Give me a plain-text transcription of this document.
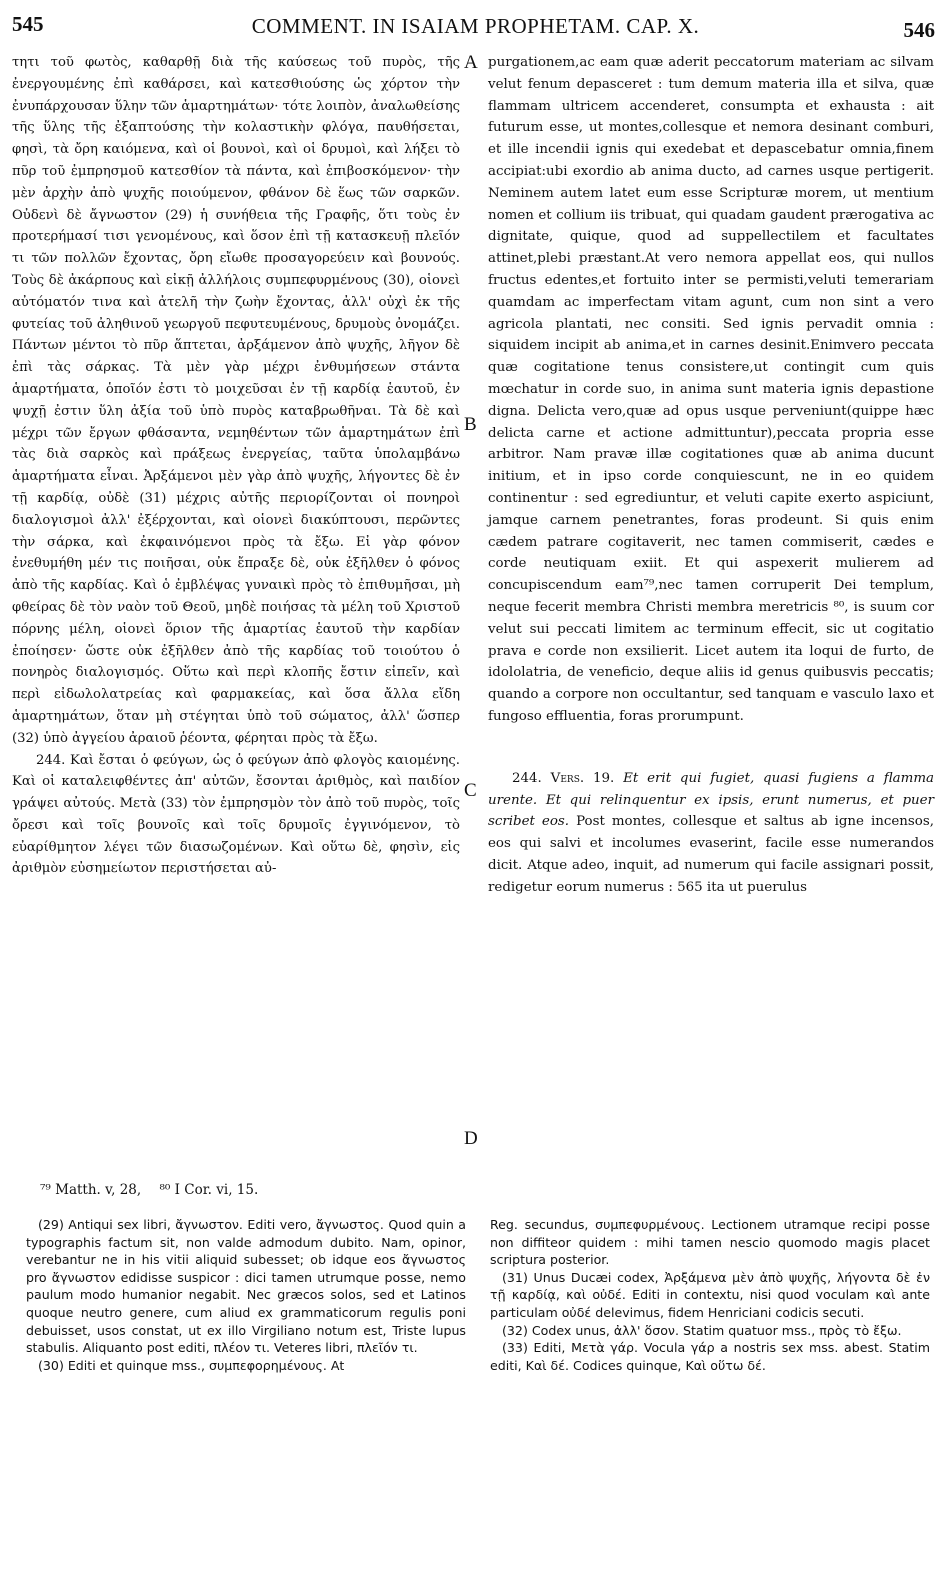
545	COMMENT. IN ISAIAM PROPHETAM. CAP. X.	546

τητι τοῦ φωτὸς, καθαρθῇ διὰ τῆς καύσεως τοῦ πυρὸς, τῆς ἐνεργουμένης ἐπὶ καθάρσει, καὶ κατεσθιούσης ὡς χόρτον τὴν ἐνυπάρχουσαν ὕλην τῶν ἁμαρτημάτων· τότε λοιπὸν, ἀναλωθείσης τῆς ὕλης τῆς ἐξαπτούσης τὴν κολαστικὴν φλόγα, παυθήσεται, φησὶ, τὰ ὄρη καιόμενα, καὶ οἱ βουνοὶ, καὶ οἱ δρυμοὶ, καὶ λήξει τὸ πῦρ τοῦ ἐμπρησμοῦ κατεσθίον τὰ πάντα, καὶ ἐπιβοσκόμενον· τὴν μὲν ἀρχὴν ἀπὸ ψυχῆς ποιούμενον, φθάνον δὲ ἕως τῶν σαρκῶν. Οὐδενὶ δὲ ἄγνωστον (29) ἡ συνήθεια τῆς Γραφῆς, ὅτι τοὺς ἐν προτερήμασί τισι γενομένους, καὶ ὅσον ἐπὶ τῇ κατασκευῇ πλεῖόν τι τῶν πολλῶν ἔχοντας, ὄρη εἴωθε προσαγορεύειν καὶ βουνούς. Τοὺς δὲ ἀκάρπους καὶ εἰκῇ ἀλλήλοις συμπεφυρμένους (30), οἱονεὶ αὐτόματόν τινα καὶ ἀτελῆ τὴν ζωὴν ἔχοντας, ἀλλ' οὐχὶ ἐκ τῆς φυτείας τοῦ ἀληθινοῦ γεωργοῦ πεφυτευμένους, δρυμοὺς ὀνομάζει. Πάντων μέντοι τὸ πῦρ ἅπτεται, ἀρξάμενον ἀπὸ ψυχῆς, λῆγον δὲ ἐπὶ τὰς σάρκας. Τὰ μὲν γὰρ μέχρι ἐνθυμήσεων στάντα ἁμαρτήματα, ὁποῖόν ἐστι τὸ μοιχεῦσαι ἐν τῇ καρδίᾳ ἑαυτοῦ, ἐν ψυχῇ ἐστιν ὕλη ἀξία τοῦ ὑπὸ πυρὸς καταβρωθῆναι. Τὰ δὲ καὶ μέχρι τῶν ἔργων φθάσαντα, νεμηθέντων τῶν ἁμαρτημάτων ἐπὶ τὰς διὰ σαρκὸς καὶ πράξεως ἐνεργείας, ταῦτα ὑπολαμβάνω ἁμαρτήματα εἶναι. Ἀρξάμενοι μὲν γὰρ ἀπὸ ψυχῆς, λήγοντες δὲ ἐν τῇ καρδίᾳ, οὐδὲ (31) μέχρις αὐτῆς περιορίζονται οἱ πονηροὶ διαλογισμοὶ ἀλλ' ἐξέρχονται, καὶ οἱονεὶ διακύπτουσι, περῶντες τὴν σάρκα, καὶ ἐκφαινόμενοι πρὸς τὰ ἔξω. Εἰ γὰρ φόνον ἐνεθυμήθη μέν τις ποιῆσαι, οὐκ ἔπραξε δὲ, οὐκ ἐξῆλθεν ὁ φόνος ἀπὸ τῆς καρδίας. Καὶ ὁ ἐμβλέψας γυναικὶ πρὸς τὸ ἐπιθυμῆσαι, μὴ φθείρας δὲ τὸν ναὸν τοῦ Θεοῦ, μηδὲ ποιήσας τὰ μέλη τοῦ Χριστοῦ πόρνης μέλη, οἱονεὶ ὅριον τῆς ἁμαρτίας ἑαυτοῦ τὴν καρδίαν ἐποίησεν· ὥστε οὐκ ἐξῆλθεν ἀπὸ τῆς καρδίας τοῦ τοιούτου ὁ πονηρὸς διαλογισμός. Οὕτω καὶ περὶ κλοπῆς ἔστιν εἰπεῖν, καὶ περὶ εἰδωλολατρείας καὶ φαρμακείας, καὶ ὅσα ἄλλα εἴδη ἁμαρτημάτων, ὅταν μὴ στέγηται ὑπὸ τοῦ σώματος, ἀλλ' ὥσπερ (32) ὑπὸ ἀγγείου ἀραιοῦ ῥέοντα, φέρηται πρὸς τὰ ἔξω.

244. Καὶ ἔσται ὁ φεύγων, ὡς ὁ φεύγων ἀπὸ φλογὸς καιομένης. Καὶ οἱ καταλειφθέντες ἀπ' αὐτῶν, ἔσονται ἀριθμὸς, καὶ παιδίον γράψει αὐτούς. Μετὰ (33) τὸν ἐμπρησμὸν τὸν ἀπὸ τοῦ πυρὸς, τοῖς ὄρεσι καὶ τοῖς βουνοῖς καὶ τοῖς δρυμοῖς ἐγγινόμενον, τὸ εὐαρίθμητον λέγει τῶν διασωζομένων. Καὶ οὕτω δὲ, φησὶν, εἰς ἀριθμὸν εὐσημείωτον περιστήσεται αὐ-

A
B
C
D

purgationem,ac eam quæ aderit peccatorum materiam ac silvam velut fenum depasceret : tum demum materia illa et silva, quæ flammam ultricem accenderet, consumpta et exhausta : ait futurum esse, ut montes,collesque et nemora desinant comburi, et ille incendii ignis qui exedebat et depascebatur omnia,finem accipiat:ubi exordio ab anima ducto, ad carnes usque pertigerit. Neminem autem latet eum esse Scripturæ morem, ut mentium nomen et collium iis tribuat, qui quadam gaudent prærogativa ac dignitate, quique, quod ad suppellectilem et facultates attinet,plebi præstant.At vero nemora appellat eos, qui nullos fructus edentes,et fortuito inter se permisti,veluti temerariam quamdam ac imperfectam vitam agunt, cum non sint a vero agricola plantati, nec consiti. Sed ignis pervadit omnia : siquidem incipit ab anima,et in carnes desinit.Enimvero peccata quæ cogitatione tenus consistere,ut contingit cum quis mœchatur in corde suo, in anima sunt materia ignis depastione digna. Delicta vero,quæ ad opus usque perveniunt(quippe hæc delicta carne et actione admittuntur),peccata propria esse arbitror. Nam pravæ illæ cogitationes quæ ab anima ducunt initium, et in ipso corde conquiescunt, ne in eo quidem continentur : sed egrediuntur, et veluti capite exerto aspiciunt, jamque carnem penetrantes, foras prodeunt. Si quis enim cædem patrare cogitaverit, nec tamen commiserit, cædes e corde neutiquam exiit. Et qui aspexerit mulierem ad concupiscendum eam⁷⁹,nec tamen corruperit Dei templum, neque fecerit membra Christi membra meretricis ⁸⁰, is suum cor velut sui peccati limitem ac terminum effecit, sic ut cogitatio prava e corde non exsilierit. Licet autem ita loqui de furto, de idololatria, de veneficio, deque aliis id genus quibusvis peccatis; quando a corpore non occultantur, sed tanquam e vasculo laxo et fungoso effluentia, foras prorumpunt.

244. Vers. 19. Et erit qui fugiet, quasi fugiens a flamma urente. Et qui relinquentur ex ipsis, erunt numerus, et puer scribet eos. Post montes, collesque et saltus ab igne incensos, eos qui salvi et incolumes evaserint, facile esse numerandos dicit. Atque adeo, inquit, ad numerum qui facile assignari possit, redigetur eorum numerus : 565 ita ut puerulus

⁷⁹ Matth. v, 28, ⁸⁰ I Cor. vi, 15.

(29) Antiqui sex libri, ἄγνωστον. Editi vero, ἄγνωστος. Quod quin a typographis factum sit, non valde admodum dubito. Nam, opinor, verebantur ne in his vitii aliquid subesset; ob idque eos ἄγνωστος pro ἄγνωστον edidisse suspicor : dici tamen utrumque posse, nemo paulum modo humanior negabit. Nec græcos solos, sed et Latinos quoque neutro genere, cum aliud ex grammaticorum regulis poni debuisset, usos constat, ut ex illo Virgiliano notum est, Triste lupus stabulis. Aliquanto post editi, πλέον τι. Veteres libri, πλεῖόν τι.

(30) Editi et quinque mss., συμπεφορημένους. At

Reg. secundus, συμπεφυρμένους. Lectionem utramque recipi posse non diffiteor quidem : mihi tamen nescio quomodo magis placet scriptura posterior.

(31) Unus Ducæi codex, Ἀρξάμενα μὲν ἀπὸ ψυχῆς, λήγοντα δὲ ἐν τῇ καρδίᾳ, καὶ οὐδέ. Editi in contextu, nisi quod voculam καὶ ante particulam οὐδέ delevimus, fidem Henriciani codicis secuti.

(32) Codex unus, ἀλλ' ὅσον. Statim quatuor mss., πρὸς τὸ ἔξω.

(33) Editi, Μετὰ γάρ. Vocula γάρ a nostris sex mss. abest. Statim editi, Καὶ δέ. Codices quinque, Καὶ οὕτω δέ.
